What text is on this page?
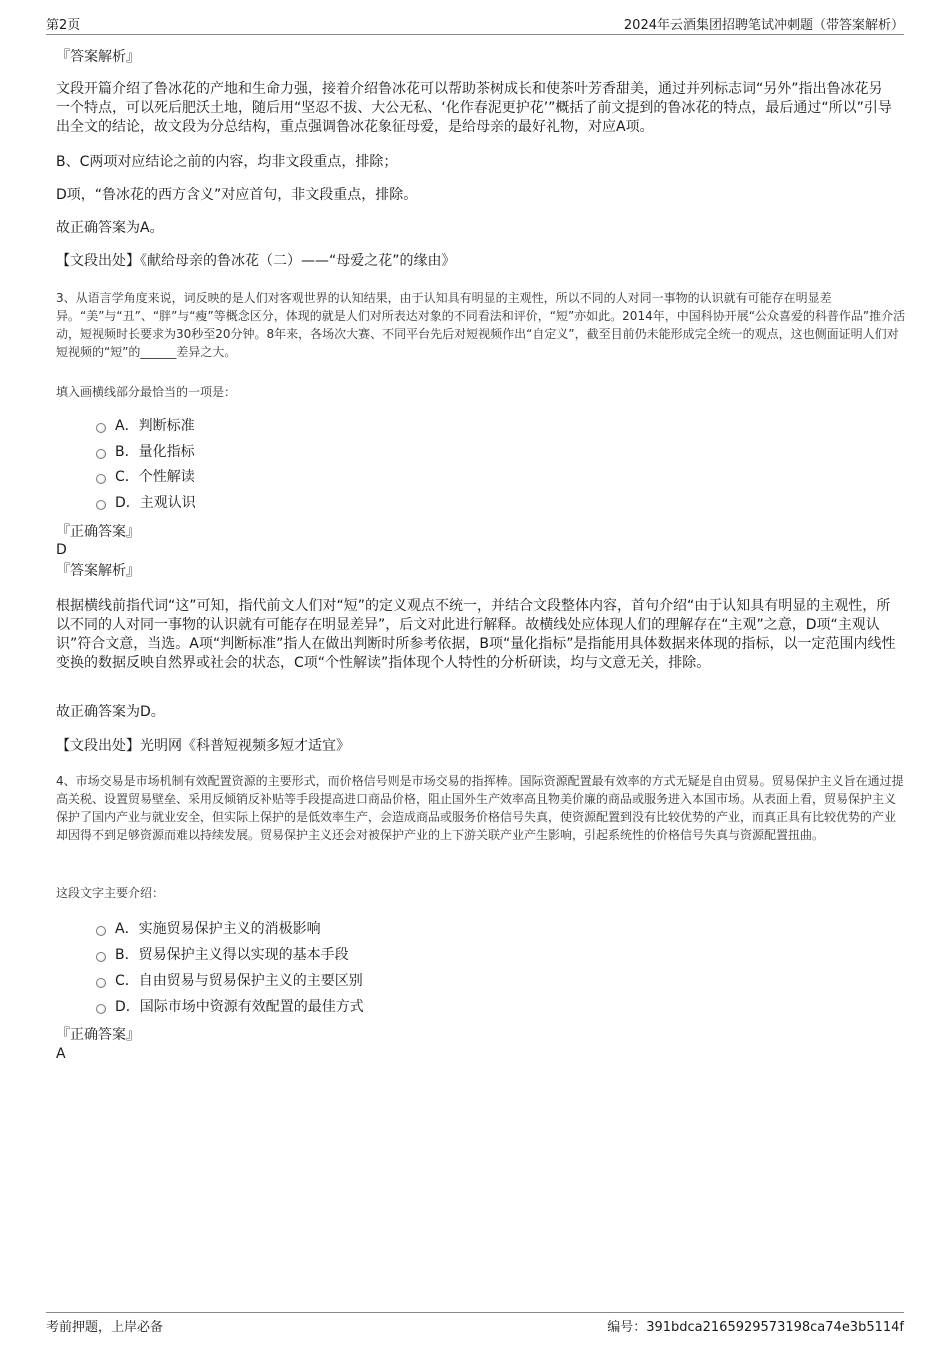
第2页	2024年云酒集团招聘笔试冲刺题（带答案解析）
『答案解析』
文段开篇介绍了鲁冰花的产地和生命力强，接着介绍鲁冰花可以帮助茶树成长和使茶叶芳香甜美，通过并列标志词“另外”指出鲁冰花另一个特点，可以死后肥沃土地，随后用“坚忍不拔、大公无私、‘化作春泥更护花’”概括了前文提到的鲁冰花的特点，最后通过“所以”引导出全文的结论，故文段为分总结构，重点强调鲁冰花象征母爱，是给母亲的最好礼物，对应A项。
B、C两项对应结论之前的内容，均非文段重点，排除；
D项，“鲁冰花的西方含义”对应首句，非文段重点，排除。
故正确答案为A。
【文段出处】《献给母亲的鲁冰花（二）——“母爱之花”的缘由》
3、从语言学角度来说，词反映的是人们对客观世界的认知结果，由于认知具有明显的主观性，所以不同的人对同一事物的认识就有可能存在明显差异。“美”与“丑”、“胖”与“瘦”等概念区分，体现的就是人们对所表达对象的不同看法和评价，“短”亦如此。2014年，中国科协开展“公众喜爱的科普作品”推介活动，短视频时长要求为30秒至20分钟。8年来，各场次大赛、不同平台先后对短视频作出“自定义”，截至目前仍未能形成完全统一的观点，这也侧面证明人们对短视频的“短”的______差异之大。
填入画横线部分最恰当的一项是：
A．判断标准
B．量化指标
C．个性解读
D．主观认识
『正确答案』
D
『答案解析』
根据横线前指代词“这”可知，指代前文人们对“短”的定义观点不统一，并结合文段整体内容，首句介绍“由于认知具有明显的主观性，所以不同的人对同一事物的认识就有可能存在明显差异”，后文对此进行解释。故横线处应体现人们的理解存在“主观”之意，D项“主观认识”符合文意，当选。A项“判断标准”指人在做出判断时所参考依据，B项“量化指标”是指能用具体数据来体现的指标，以一定范围内线性变换的数据反映自然界或社会的状态，C项“个性解读”指体现个人特性的分析研读，均与文意无关，排除。
故正确答案为D。
【文段出处】光明网《科普短视频多短才适宜》
4、市场交易是市场机制有效配置资源的主要形式，而价格信号则是市场交易的指挥棒。国际资源配置最有效率的方式无疑是自由贸易。贸易保护主义旨在通过提高关税、设置贸易壁垒、采用反倾销反补贴等手段提高进口商品价格，阻止国外生产效率高且物美价廉的商品或服务进入本国市场。从表面上看，贸易保护主义保护了国内产业与就业安全，但实际上保护的是低效率生产，会造成商品或服务价格信号失真，使资源配置到没有比较优势的产业，而真正具有比较优势的产业却因得不到足够资源而难以持续发展。贸易保护主义还会对被保护产业的上下游关联产业产生影响，引起系统性的价格信号失真与资源配置扭曲。
这段文字主要介绍：
A．实施贸易保护主义的消极影响
B．贸易保护主义得以实现的基本手段
C．自由贸易与贸易保护主义的主要区别
D．国际市场中资源有效配置的最佳方式
『正确答案』
A
考前押题，上岸必备	编号：391bdca2165929573198ca74e3b5114f
